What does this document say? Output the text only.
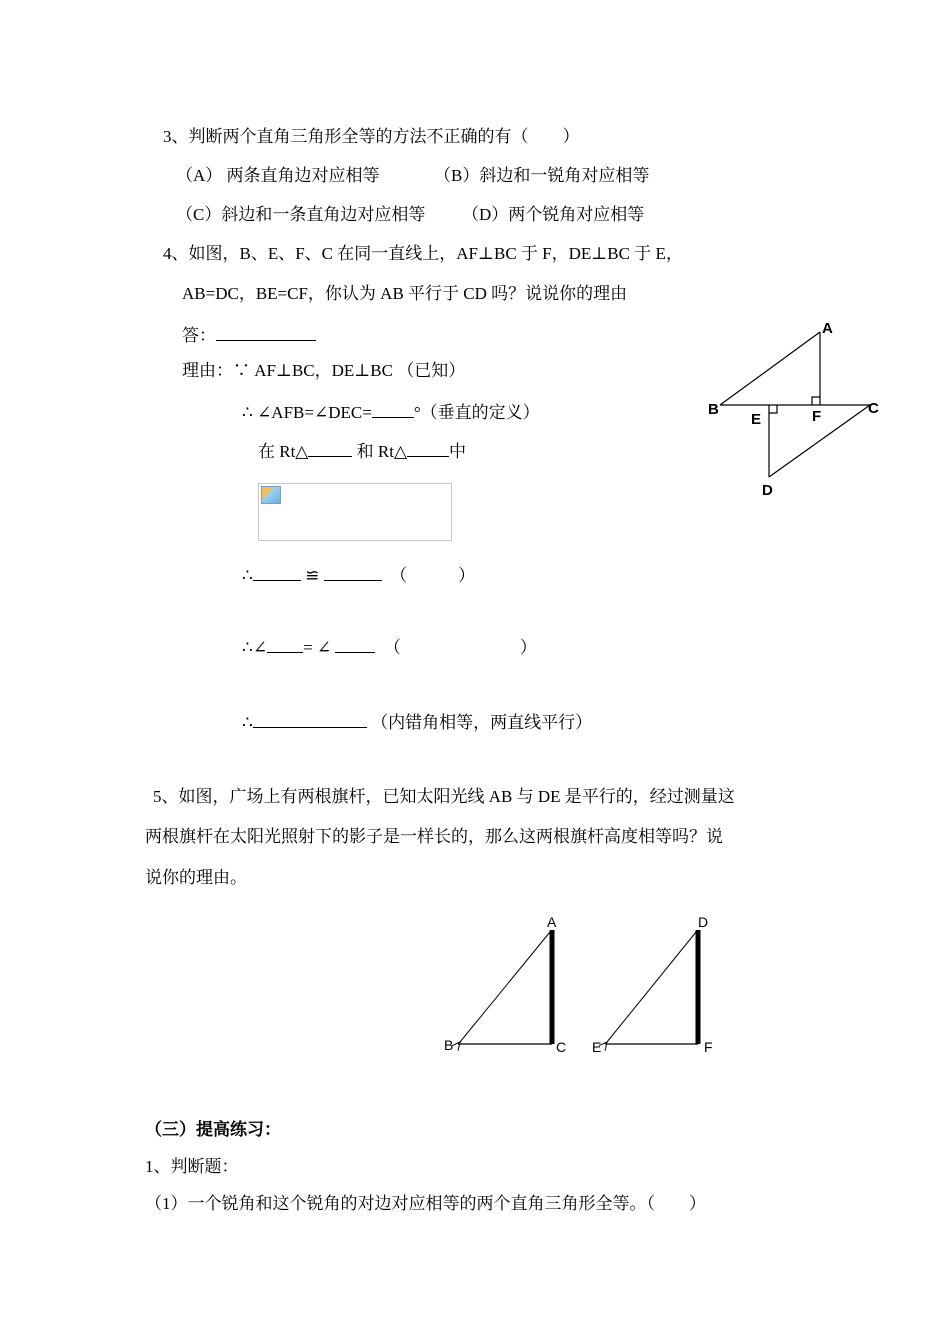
3、判断两个直角三角形全等的方法不正确的有（　　）
（A） 两条直角边对应相等	（B）斜边和一锐角对应相等
（C）斜边和一条直角边对应相等 （D）两个锐角对应相等
4、如图，B、E、F、C 在同一直线上，AF⊥BC 于 F，DE⊥BC 于 E，
AB=DC，BE=CF，你认为 AB 平行于 CD 吗？说说你的理由
答：
理由：∵ AF⊥BC，DE⊥BC （已知）
∴ ∠AFB=∠DEC= °（垂直的定义）
在 Rt△	和 Rt△ 中
∴	≌	（　　　）
∴∠ = ∠	（　　　　　　　）
∴	（内错角相等，两直线平行）
A
B	C
D
E	F
5、如图，广场上有两根旗杆，已知太阳光线 AB 与 DE 是平行的，经过测量这
两根旗杆在太阳光照射下的影子是一样长的，那么这两根旗杆高度相等吗？说
说你的理由。
A
B	C
D
E	F
（三）提高练习：
1、判断题：
（1）一个锐角和这个锐角的对边对应相等的两个直角三角形全等。（　　）
